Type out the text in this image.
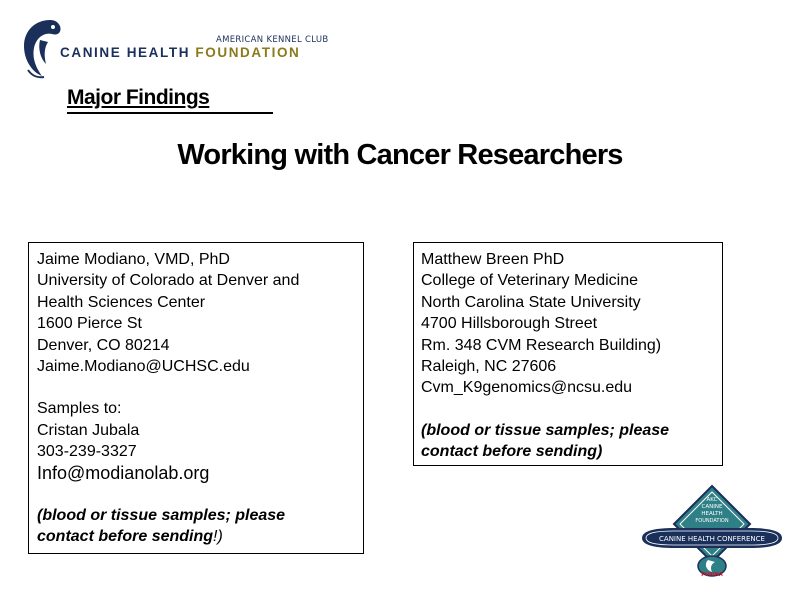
AMERICAN KENNEL CLUB
CANINE HEALTH FOUNDATION
Major Findings
Working with Cancer Researchers
Jaime Modiano, VMD, PhD
University of Colorado at Denver and
Health Sciences Center
1600 Pierce St
Denver, CO 80214
Jaime.Modiano@UCHSC.edu
Samples to:
Cristan Jubala
303-239-3327
Info@modianolab.org
(blood or tissue samples; please
contact before sending!)
Matthew Breen PhD
College of Veterinary Medicine
North Carolina State University
4700 Hillsborough Street
Rm. 348 CVM Research Building)
Raleigh, NC 27606
Cvm_K9genomics@ncsu.edu
(blood or tissue samples; please
contact before sending)
AKC
CANINE
HEALTH
FOUNDATION
CANINE HEALTH CONFERENCE
PURINA
